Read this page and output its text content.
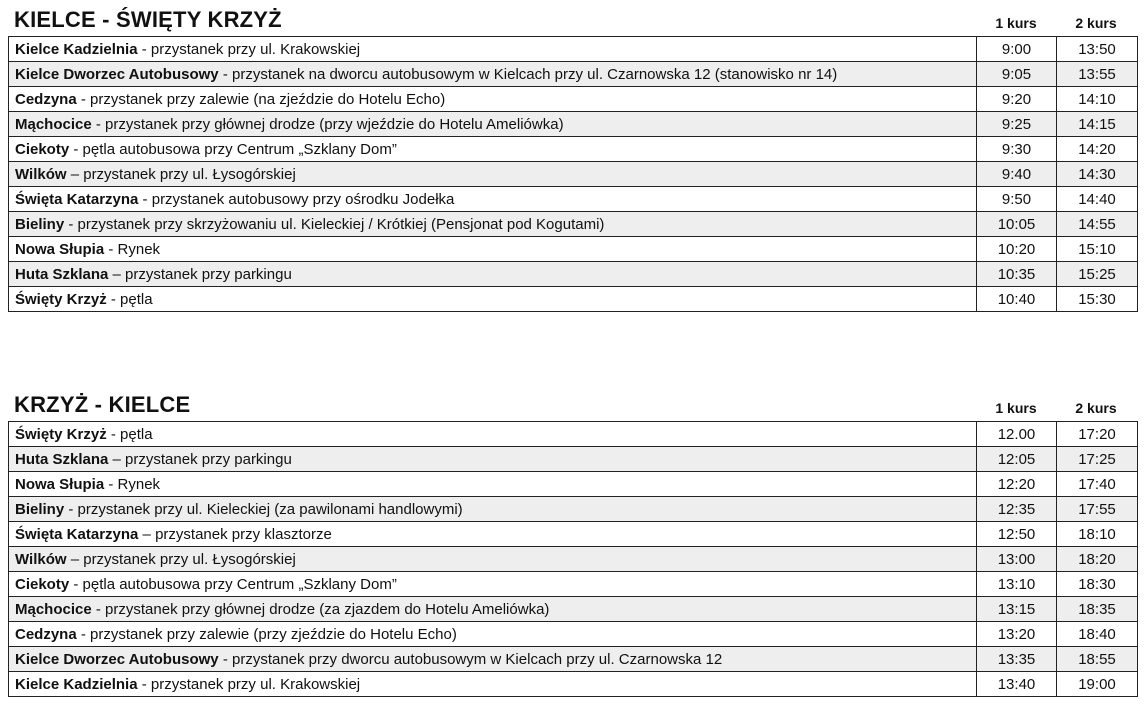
KIELCE - ŚWIĘTY KRZYŻ	1 kurs	2 kurs
Kielce Kadzielnia - przystanek przy ul. Krakowskiej	9:00	13:50
Kielce Dworzec Autobusowy - przystanek na dworcu autobusowym w Kielcach przy ul. Czarnowska 12 (stanowisko nr 14)	9:05	13:55
Cedzyna - przystanek przy zalewie (na zjeździe do Hotelu Echo)	9:20	14:10
Mąchocice - przystanek przy głównej drodze (przy wjeździe do Hotelu Ameliówka)	9:25	14:15
Ciekoty - pętla autobusowa przy Centrum „Szklany Dom”	9:30	14:20
Wilków – przystanek przy ul. Łysogórskiej	9:40	14:30
Święta Katarzyna - przystanek autobusowy przy ośrodku Jodełka	9:50	14:40
Bieliny - przystanek przy skrzyżowaniu ul. Kieleckiej / Krótkiej (Pensjonat pod Kogutami)	10:05	14:55
Nowa Słupia - Rynek	10:20	15:10
Huta Szklana – przystanek przy parkingu	10:35	15:25
Święty Krzyż - pętla	10:40	15:30
KRZYŻ - KIELCE	1 kurs	2 kurs
Święty Krzyż - pętla	12.00	17:20
Huta Szklana – przystanek przy parkingu	12:05	17:25
Nowa Słupia - Rynek	12:20	17:40
Bieliny - przystanek przy ul. Kieleckiej (za pawilonami handlowymi)	12:35	17:55
Święta Katarzyna – przystanek przy klasztorze	12:50	18:10
Wilków – przystanek przy ul. Łysogórskiej	13:00	18:20
Ciekoty - pętla autobusowa przy Centrum „Szklany Dom”	13:10	18:30
Mąchocice - przystanek przy głównej drodze (za zjazdem do Hotelu Ameliówka)	13:15	18:35
Cedzyna - przystanek przy zalewie (przy zjeździe do Hotelu Echo)	13:20	18:40
Kielce Dworzec Autobusowy - przystanek przy dworcu autobusowym w Kielcach przy ul. Czarnowska 12	13:35	18:55
Kielce Kadzielnia - przystanek przy ul. Krakowskiej	13:40	19:00
